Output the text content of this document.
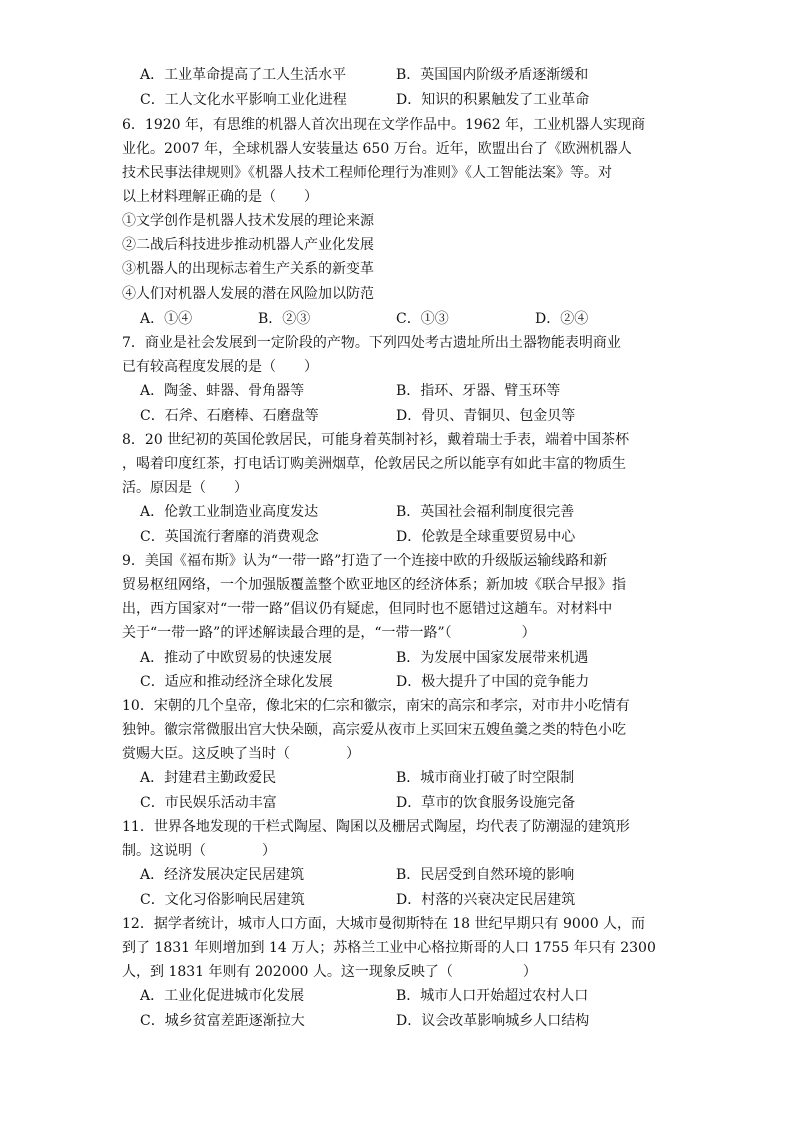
A．工业革命提高了工人生活水平	B．英国国内阶级矛盾逐渐缓和
C．工人文化水平影响工业化进程	D．知识的积累触发了工业革命
6．1920 年，有思维的机器人首次出现在文学作品中。1962 年，工业机器人实现商
业化。2007 年，全球机器人安装量达 650 万台。近年，欧盟出台了《欧洲机器人
技术民事法律规则》《机器人技术工程师伦理行为准则》《人工智能法案》等。对
以上材料理解正确的是（　　）
①文学创作是机器人技术发展的理论来源
②二战后科技进步推动机器人产业化发展
③机器人的出现标志着生产关系的新变革
④人们对机器人发展的潜在风险加以防范
A．①④	B．②③	C．①③	D．②④
7．商业是社会发展到一定阶段的产物。下列四处考古遗址所出土器物能表明商业
已有较高程度发展的是（　　）
A．陶釜、蚌器、骨角器等	B．指环、牙器、臂玉环等
C．石斧、石磨棒、石磨盘等	D．骨贝、青铜贝、包金贝等
8．20 世纪初的英国伦敦居民，可能身着英制衬衫，戴着瑞士手表，端着中国茶杯
，喝着印度红茶，打电话订购美洲烟草，伦敦居民之所以能享有如此丰富的物质生
活。原因是（　　）
A．伦敦工业制造业高度发达	B．英国社会福利制度很完善
C．英国流行奢靡的消费观念	D．伦敦是全球重要贸易中心
9．美国《福布斯》认为“一带一路”打造了一个连接中欧的升级版运输线路和新
贸易枢纽网络，一个加强版覆盖整个欧亚地区的经济体系；新加坡《联合早报》指
出，西方国家对“一带一路”倡议仍有疑虑，但同时也不愿错过这趟车。对材料中
关于“一带一路”的评述解读最合理的是，“一带一路”（　　　　　）
A．推动了中欧贸易的快速发展	B．为发展中国家发展带来机遇
C．适应和推动经济全球化发展	D．极大提升了中国的竞争能力
10．宋朝的几个皇帝，像北宋的仁宗和徽宗，南宋的高宗和孝宗，对市井小吃情有
独钟。徽宗常微服出宫大快朵颐，高宗爱从夜市上买回宋五嫂鱼羹之类的特色小吃
赏赐大臣。这反映了当时（　　　　）
A．封建君主勤政爱民	B．城市商业打破了时空限制
C．市民娱乐活动丰富	D．草市的饮食服务设施完备
11．世界各地发现的干栏式陶屋、陶囷以及栅居式陶屋，均代表了防潮湿的建筑形
制。这说明（　　　　）
A．经济发展决定民居建筑	B．民居受到自然环境的影响
C．文化习俗影响民居建筑	D．村落的兴衰决定民居建筑
12．据学者统计，城市人口方面，大城市曼彻斯特在 18 世纪早期只有 9000 人，而
到了 1831 年则增加到 14 万人；苏格兰工业中心格拉斯哥的人口 1755 年只有 2300
人，到 1831 年则有 202000 人。这一现象反映了（　　　　　）
A．工业化促进城市化发展	B．城市人口开始超过农村人口
C．城乡贫富差距逐渐拉大	D．议会改革影响城乡人口结构
